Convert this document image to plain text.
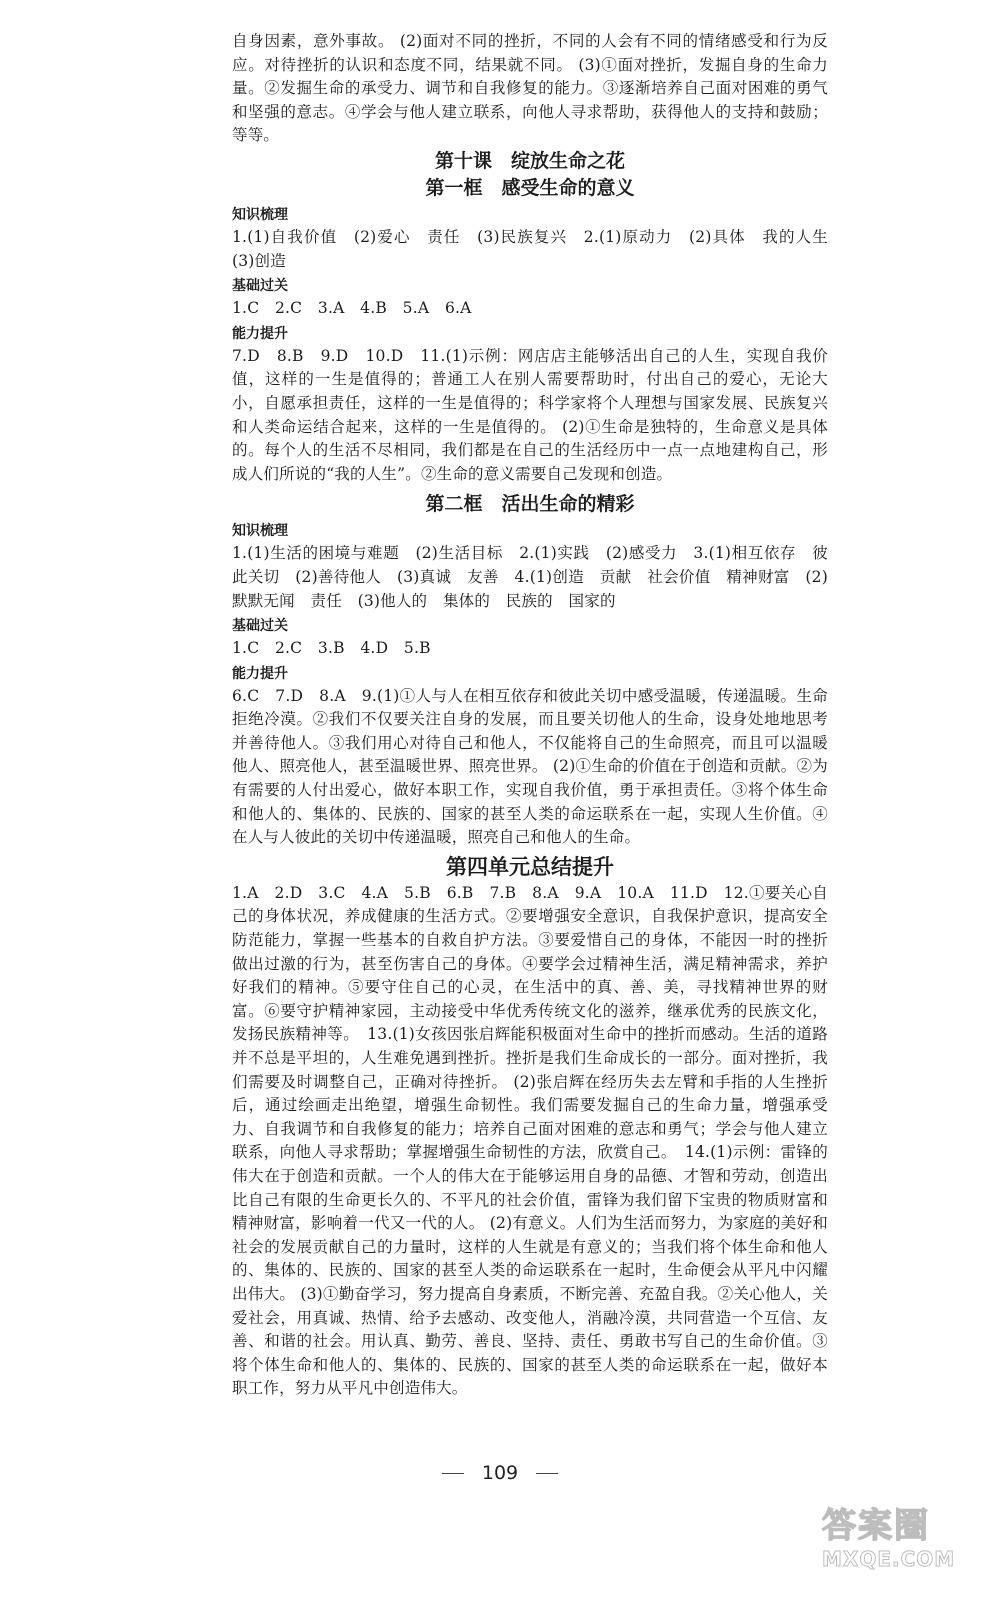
自身因素，意外事故。 (2)面对不同的挫折，不同的人会有不同的情绪感受和行为反应。对待挫折的认识和态度不同，结果就不同。 (3)①面对挫折，发掘自身的生命力量。②发掘生命的承受力、调节和自我修复的能力。③逐渐培养自己面对困难的勇气和坚强的意志。④学会与他人建立联系，向他人寻求帮助，获得他人的支持和鼓励；等等。

第十课　绽放生命之花

第一框　感受生命的意义

知识梳理

1.(1)自我价值　(2)爱心　责任　(3)民族复兴　2.(1)原动力　(2)具体　我的人生　(3)创造

基础过关

1.C　2.C　3.A　4.B　5.A　6.A

能力提升

7.D　8.B　9.D　10.D　11.(1)示例：网店店主能够活出自己的人生，实现自我价值，这样的一生是值得的；普通工人在别人需要帮助时，付出自己的爱心，无论大小，自愿承担责任，这样的一生是值得的；科学家将个人理想与国家发展、民族复兴和人类命运结合起来，这样的一生是值得的。 (2)①生命是独特的，生命意义是具体的。每个人的生活不尽相同，我们都是在自己的生活经历中一点一点地建构自己，形成人们所说的“我的人生”。②生命的意义需要自己发现和创造。

第二框　活出生命的精彩

知识梳理

1.(1)生活的困境与难题　(2)生活目标　2.(1)实践　(2)感受力　3.(1)相互依存　彼此关切　(2)善待他人　(3)真诚　友善　4.(1)创造　贡献　社会价值　精神财富　(2)默默无闻　责任　(3)他人的　集体的　民族的　国家的

基础过关

1.C　2.C　3.B　4.D　5.B

能力提升

6.C　7.D　8.A　9.(1)①人与人在相互依存和彼此关切中感受温暖，传递温暖。生命拒绝冷漠。②我们不仅要关注自身的发展，而且要关切他人的生命，设身处地地思考并善待他人。③我们用心对待自己和他人，不仅能将自己的生命照亮，而且可以温暖他人、照亮他人，甚至温暖世界、照亮世界。 (2)①生命的价值在于创造和贡献。②为有需要的人付出爱心，做好本职工作，实现自我价值，勇于承担责任。③将个体生命和他人的、集体的、民族的、国家的甚至人类的命运联系在一起，实现人生价值。④在人与人彼此的关切中传递温暖，照亮自己和他人的生命。

第四单元总结提升

1.A　2.D　3.C　4.A　5.B　6.B　7.B　8.A　9.A　10.A　11.D　12.①要关心自己的身体状况，养成健康的生活方式。②要增强安全意识，自我保护意识，提高安全防范能力，掌握一些基本的自救自护方法。③要爱惜自己的身体，不能因一时的挫折做出过激的行为，甚至伤害自己的身体。④要学会过精神生活，满足精神需求，养护好我们的精神。⑤要守住自己的心灵，在生活中的真、善、美，寻找精神世界的财富。⑥要守护精神家园，主动接受中华优秀传统文化的滋养，继承优秀的民族文化，发扬民族精神等。　13.(1)女孩因张启辉能积极面对生命中的挫折而感动。生活的道路并不总是平坦的，人生难免遇到挫折。挫折是我们生命成长的一部分。面对挫折，我们需要及时调整自己，正确对待挫折。 (2)张启辉在经历失去左臂和手指的人生挫折后，通过绘画走出绝望，增强生命韧性。我们需要发掘自己的生命力量，增强承受力、自我调节和自我修复的能力；培养自己面对困难的意志和勇气；学会与他人建立联系，向他人寻求帮助；掌握增强生命韧性的方法，欣赏自己。　14.(1)示例：雷锋的伟大在于创造和贡献。一个人的伟大在于能够运用自身的品德、才智和劳动，创造出比自己有限的生命更长久的、不平凡的社会价值，雷锋为我们留下宝贵的物质财富和精神财富，影响着一代又一代的人。 (2)有意义。人们为生活而努力，为家庭的美好和社会的发展贡献自己的力量时，这样的人生就是有意义的；当我们将个体生命和他人的、集体的、民族的、国家的甚至人类的命运联系在一起时，生命便会从平凡中闪耀出伟大。 (3)①勤奋学习，努力提高自身素质，不断完善、充盈自我。②关心他人，关爱社会，用真诚、热情、给予去感动、改变他人，消融冷漠，共同营造一个互信、友善、和谐的社会。用认真、勤劳、善良、坚持、责任、勇敢书写自己的生命价值。③将个体生命和他人的、集体的、民族的、国家的甚至人类的命运联系在一起，做好本职工作，努力从平凡中创造伟大。

109
答案圈
MXQE.COM
